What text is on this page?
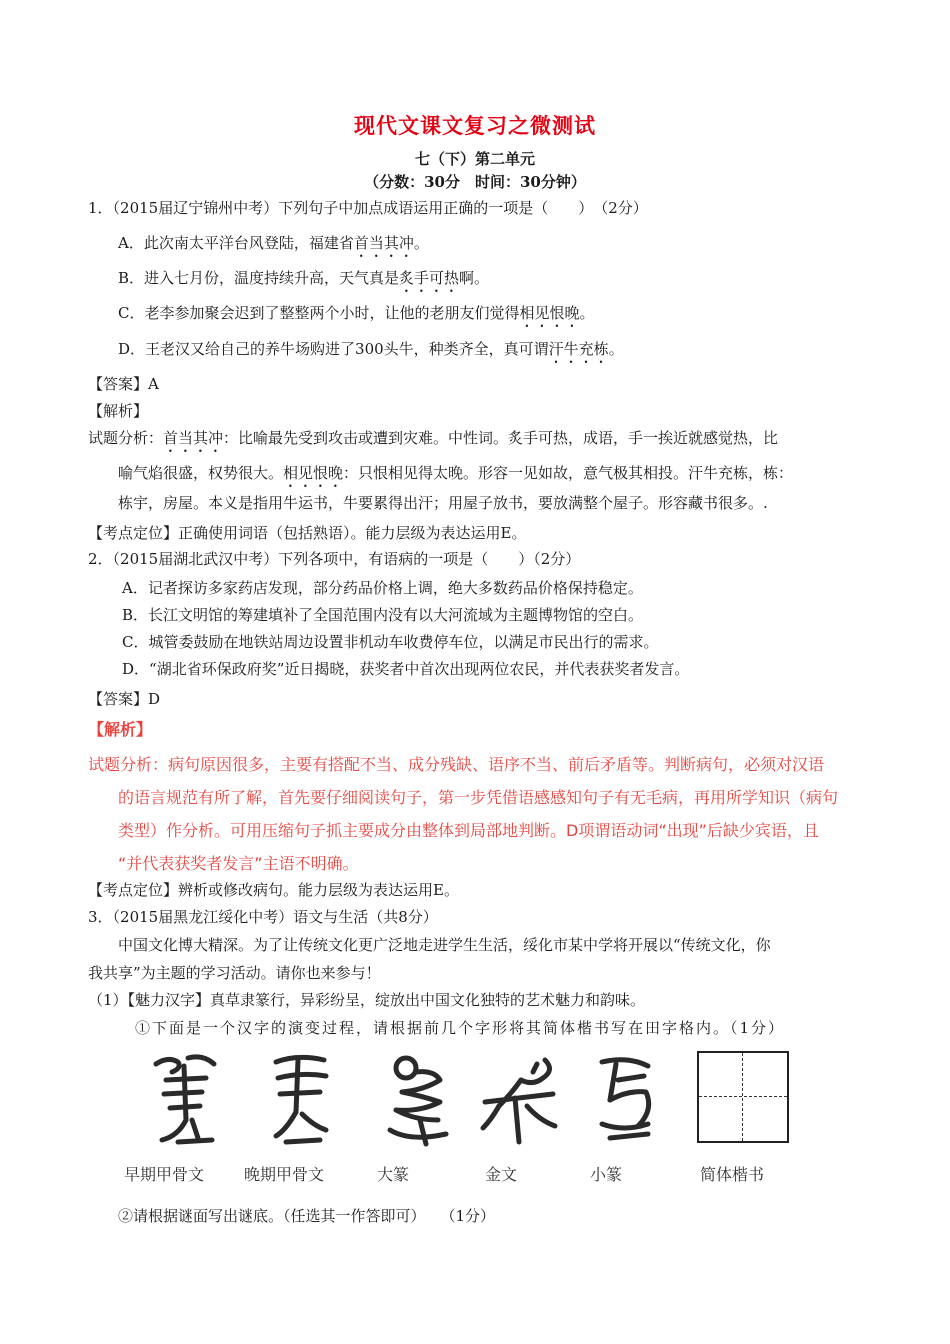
现代文课文复习之微测试
七（下）第二单元
（分数：30分　时间：30分钟）
1．（2015届辽宁锦州中考）下列句子中加点成语运用正确的一项是（　　）　（2分）
A．此次南太平洋台风登陆，福建省首当其冲。
B．进入七月份，温度持续升高，天气真是炙手可热啊。
C．老李参加聚会迟到了整整两个小时，让他的老朋友们觉得相见恨晚。
D．王老汉又给自己的养牛场购进了300头牛，种类齐全，真可谓汗牛充栋。
【答案】A
【解析】
试题分析：首当其冲：比喻最先受到攻击或遭到灾难。中性词。炙手可热，成语，手一挨近就感觉热，比
喻气焰很盛，权势很大。相见恨晚：只恨相见得太晚。形容一见如故，意气极其相投。汗牛充栋，栋：
栋宇，房屋。本义是指用牛运书，牛要累得出汗；用屋子放书，要放满整个屋子。形容藏书很多。.
【考点定位】正确使用词语（包括熟语）。能力层级为表达运用E。
2．（2015届湖北武汉中考）下列各项中，有语病的一项是（　　）（2分）
A．记者探访多家药店发现，部分药品价格上调，绝大多数药品价格保持稳定。
B．长江文明馆的筹建填补了全国范围内没有以大河流域为主题博物馆的空白。
C．城管委鼓励在地铁站周边设置非机动车收费停车位，以满足市民出行的需求。
D．“湖北省环保政府奖”近日揭晓，获奖者中首次出现两位农民，并代表获奖者发言。
【答案】D
【解析】
试题分析：病句原因很多，主要有搭配不当、成分残缺、语序不当、前后矛盾等。判断病句，必须对汉语
的语言规范有所了解，首先要仔细阅读句子，第一步凭借语感感知句子有无毛病，再用所学知识（病句
类型）作分析。可用压缩句子抓主要成分由整体到局部地判断。D项谓语动词“出现”后缺少宾语，且
“并代表获奖者发言”主语不明确。
【考点定位】辨析或修改病句。能力层级为表达运用E。
3．（2015届黑龙江绥化中考）语文与生活（共8分）
中国文化博大精深。为了让传统文化更广泛地走进学生生活，绥化市某中学将开展以“传统文化，你
我共享”为主题的学习活动。请你也来参与！
（1）【魅力汉字】真草隶篆行，异彩纷呈，绽放出中国文化独特的艺术魅力和韵味。
①下面是一个汉字的演变过程，请根据前几个字形将其简体楷书写在田字格内。（1分）
早期甲骨文 晚期甲骨文	大篆	金文	小篆	简体楷书
②请根据谜面写出谜底。（任选其一作答即可）　　（1分）
